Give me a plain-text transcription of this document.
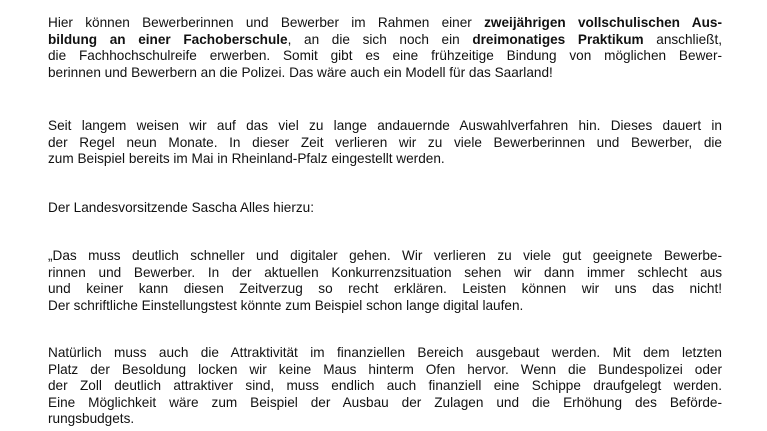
Hier können Bewerberinnen und Bewerber im Rahmen einer zweijährigen vollschulischen Aus-
bildung an einer Fachoberschule, an die sich noch ein dreimonatiges Praktikum anschließt,
die Fachhochschulreife erwerben. Somit gibt es eine frühzeitige Bindung von möglichen Bewer-
berinnen und Bewerbern an die Polizei. Das wäre auch ein Modell für das Saarland!

Seit langem weisen wir auf das viel zu lange andauernde Auswahlverfahren hin. Dieses dauert in
der Regel neun Monate. In dieser Zeit verlieren wir zu viele Bewerberinnen und Bewerber, die
zum Beispiel bereits im Mai in Rheinland-Pfalz eingestellt werden.

Der Landesvorsitzende Sascha Alles hierzu:

„Das muss deutlich schneller und digitaler gehen. Wir verlieren zu viele gut geeignete Bewerbe-
rinnen und Bewerber. In der aktuellen Konkurrenzsituation sehen wir dann immer schlecht aus
und keiner kann diesen Zeitverzug so recht erklären. Leisten können wir uns das nicht!
Der schriftliche Einstellungstest könnte zum Beispiel schon lange digital laufen.

Natürlich muss auch die Attraktivität im finanziellen Bereich ausgebaut werden. Mit dem letzten
Platz der Besoldung locken wir keine Maus hinterm Ofen hervor. Wenn die Bundespolizei oder
der Zoll deutlich attraktiver sind, muss endlich auch finanziell eine Schippe draufgelegt werden.
Eine Möglichkeit wäre zum Beispiel der Ausbau der Zulagen und die Erhöhung des Beförde-
rungsbudgets.
